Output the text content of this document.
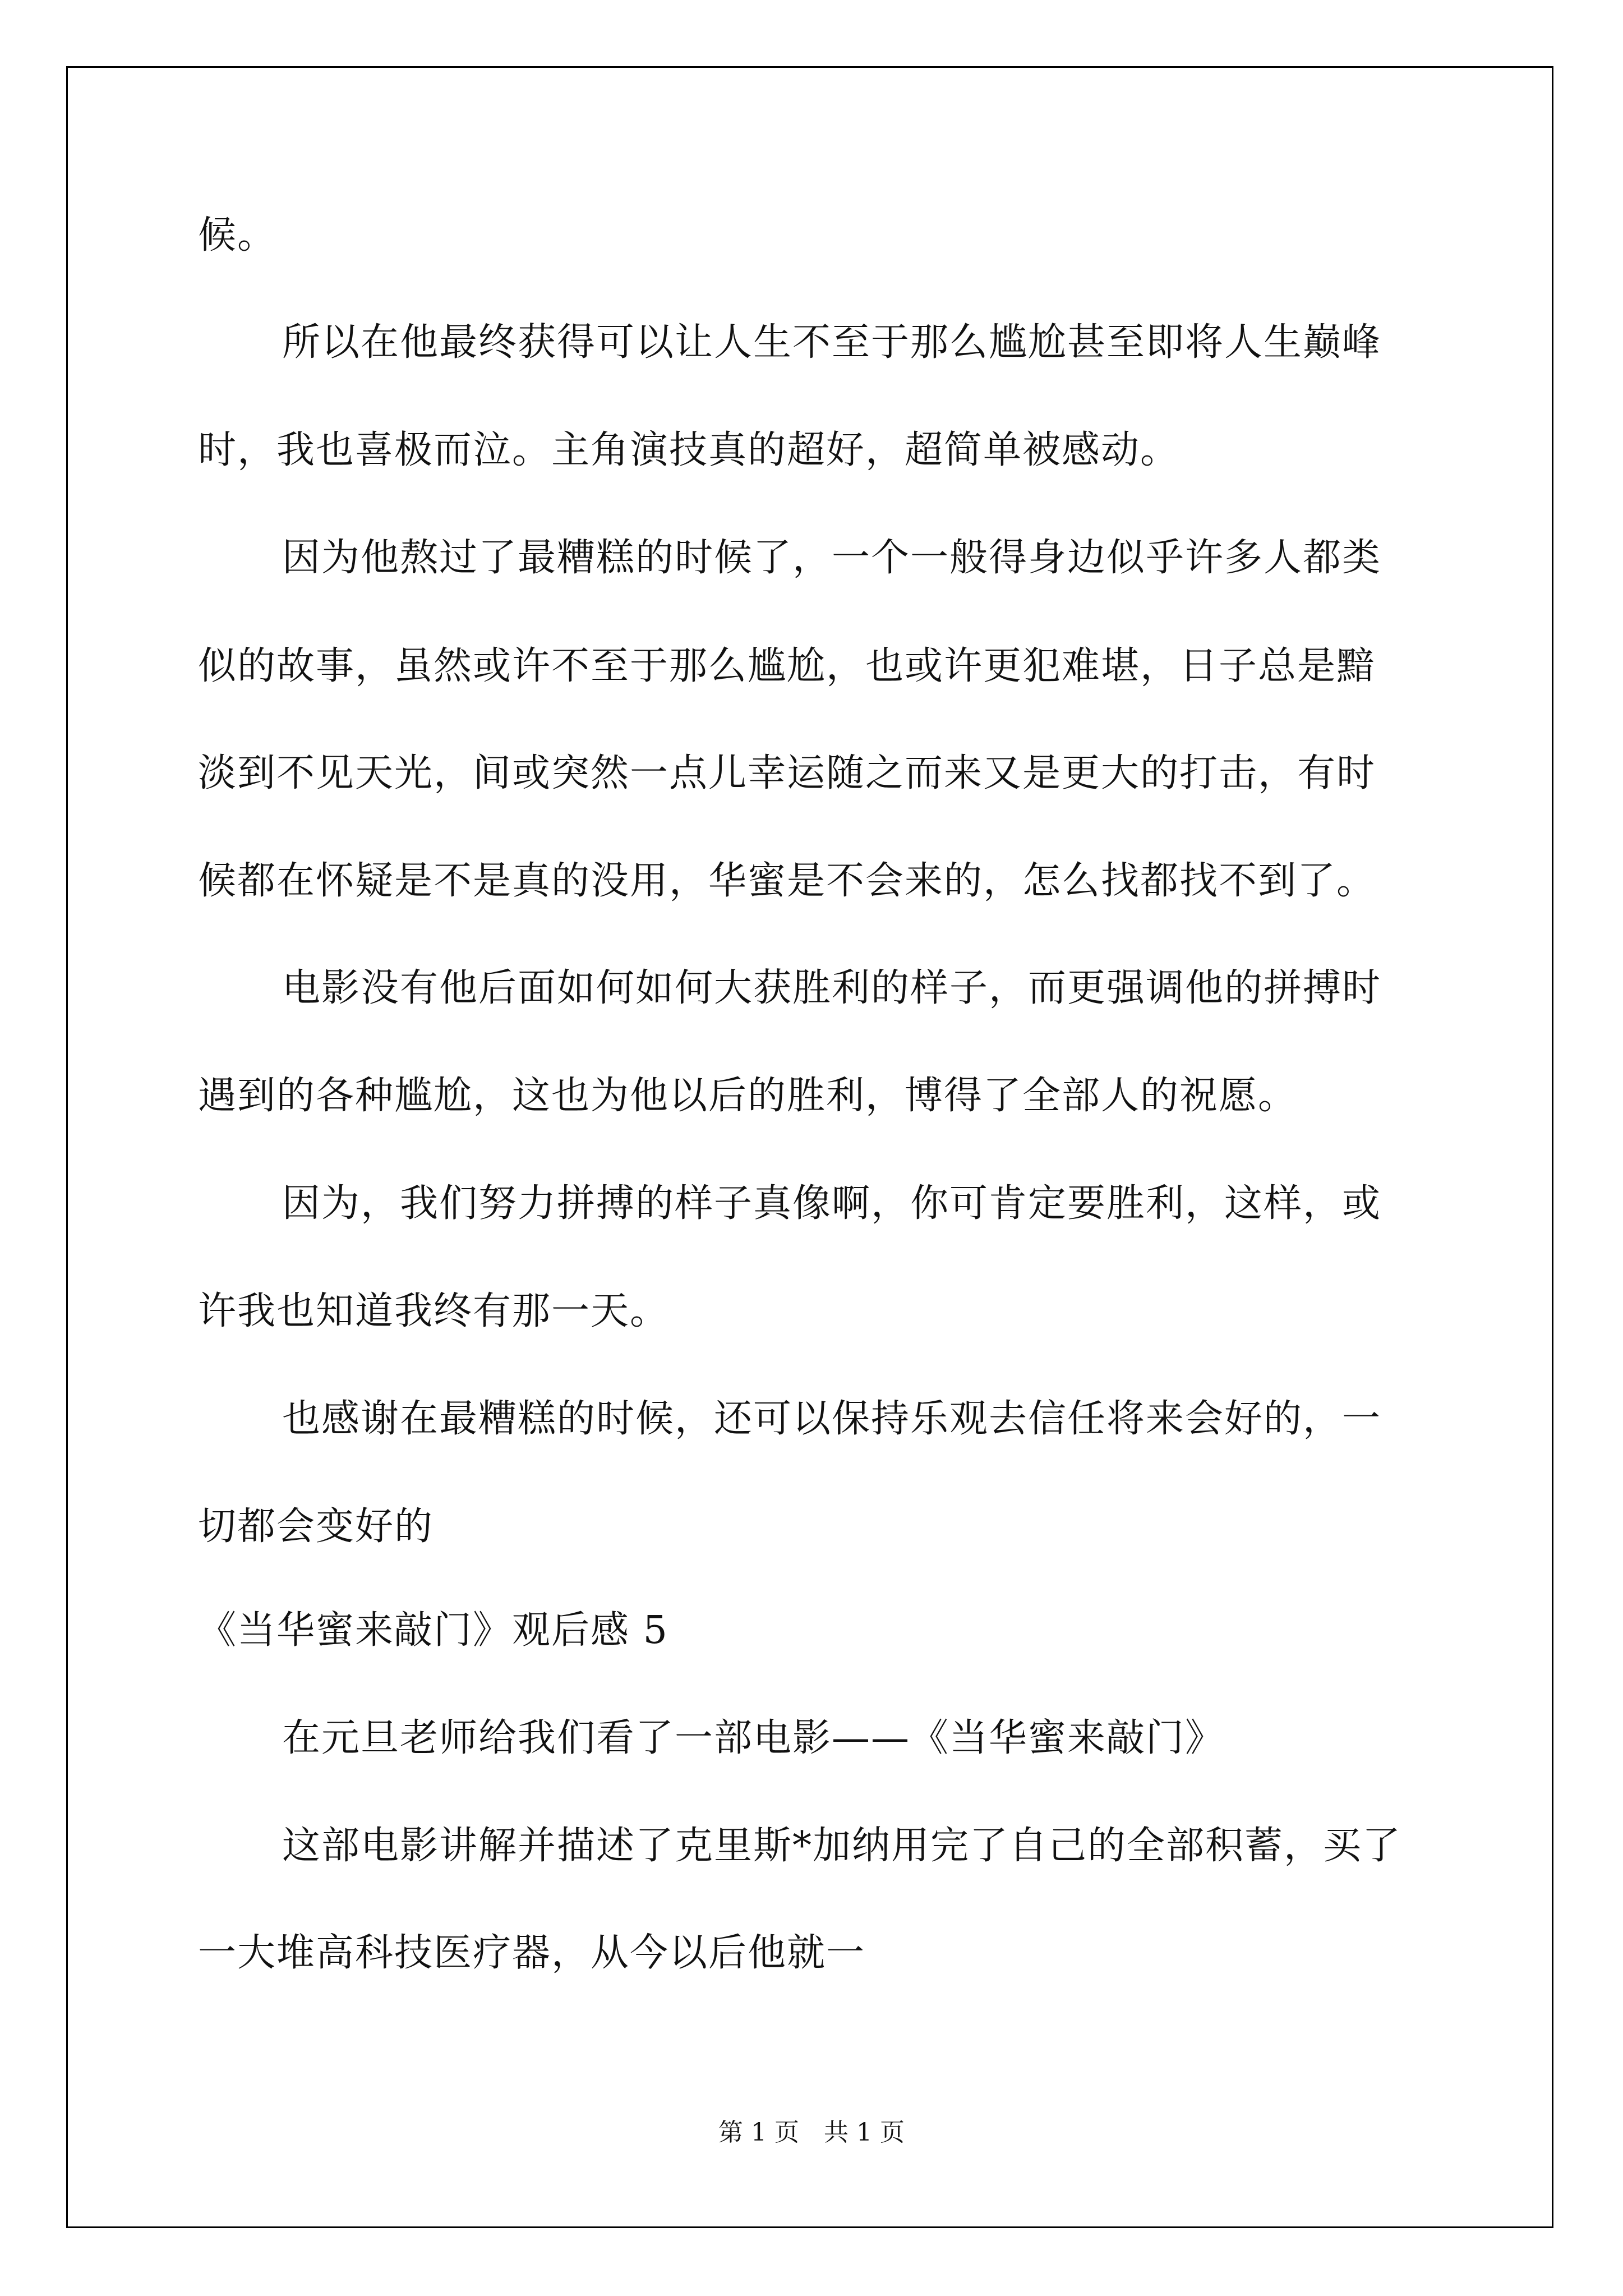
候。
所以在他最终获得可以让人生不至于那么尴尬甚至即将人生巅峰
时，我也喜极而泣。主角演技真的超好，超简单被感动。
因为他熬过了最糟糕的时候了，一个一般得身边似乎许多人都类
似的故事，虽然或许不至于那么尴尬，也或许更犯难堪，日子总是黯
淡到不见天光，间或突然一点儿幸运随之而来又是更大的打击，有时
候都在怀疑是不是真的没用，华蜜是不会来的，怎么找都找不到了。
电影没有他后面如何如何大获胜利的样子，而更强调他的拼搏时
遇到的各种尴尬，这也为他以后的胜利，博得了全部人的祝愿。
因为，我们努力拼搏的样子真像啊，你可肯定要胜利，这样，或
许我也知道我终有那一天。
也感谢在最糟糕的时候，还可以保持乐观去信任将来会好的，一
切都会变好的
《当华蜜来敲门》观后感 5
在元旦老师给我们看了一部电影——《当华蜜来敲门》
这部电影讲解并描述了克里斯*加纳用完了自己的全部积蓄，买了
一大堆高科技医疗器，从今以后他就一
第 1 页　共 1 页
